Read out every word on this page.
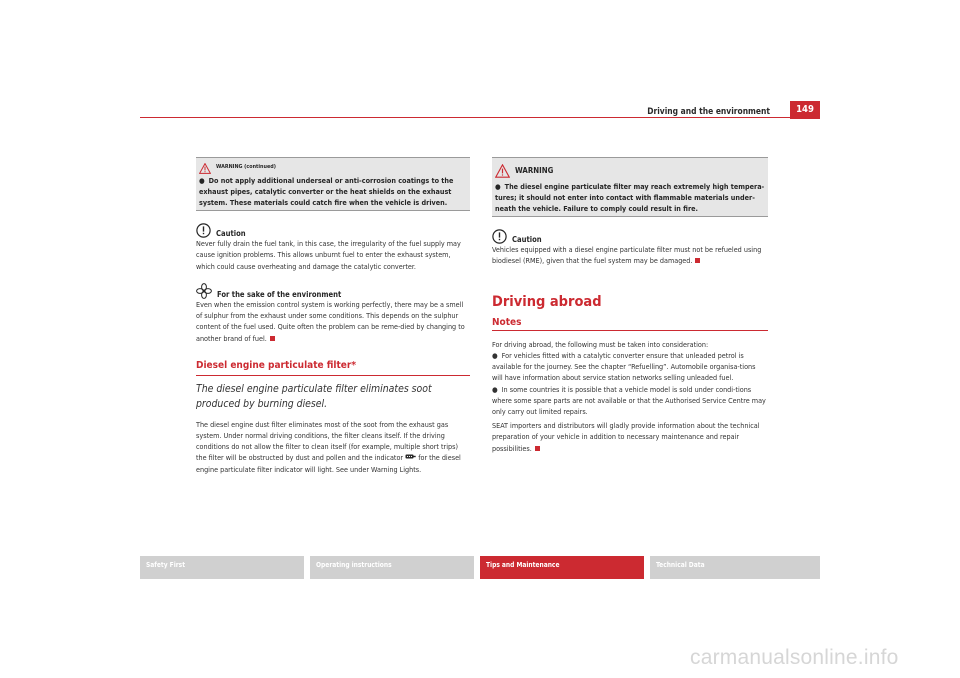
Driving and the environment	149
WARNING (continued)

● Do not apply additional underseal or anti-corrosion coatings to the exhaust pipes, catalytic converter or the heat shields on the exhaust system. These materials could catch fire when the vehicle is driven.

Caution

Never fully drain the fuel tank, in this case, the irregularity of the fuel supply may cause ignition problems. This allows unburnt fuel to enter the exhaust system, which could cause overheating and damage the catalytic converter.

For the sake of the environment

Even when the emission control system is working perfectly, there may be a smell of sulphur from the exhaust under some conditions. This depends on the sulphur content of the fuel used. Quite often the problem can be reme-died by changing to another brand of fuel.

Diesel engine particulate filter*
The diesel engine particulate filter eliminates soot produced by burning diesel.

The diesel engine dust filter eliminates most of the soot from the exhaust gas system. Under normal driving conditions, the filter cleans itself. If the driving conditions do not allow the filter to clean itself (for example, multiple short trips) the filter will be obstructed by dust and pollen and the indicator for the diesel engine particulate filter indicator will light. See under Warning Lights.

WARNING

● The diesel engine particulate filter may reach extremely high tempera-tures; it should not enter into contact with flammable materials under-neath the vehicle. Failure to comply could result in fire.

Caution

Vehicles equipped with a diesel engine particulate filter must not be refueled using biodiesel (RME), given that the fuel system may be damaged.

Driving abroad
Notes

For driving abroad, the following must be taken into consideration:

● For vehicles fitted with a catalytic converter ensure that unleaded petrol is available for the journey. See the chapter “Refuelling”. Automobile organisa-tions will have information about service station networks selling unleaded fuel.

● In some countries it is possible that a vehicle model is sold under condi-tions where some spare parts are not available or that the Authorised Service Centre may only carry out limited repairs.

SEAT importers and distributors will gladly provide information about the technical preparation of your vehicle in addition to necessary maintenance and repair possibilities.

Safety First	Operating instructions	Tips and Maintenance	Technical Data
carmanualsonline.info
